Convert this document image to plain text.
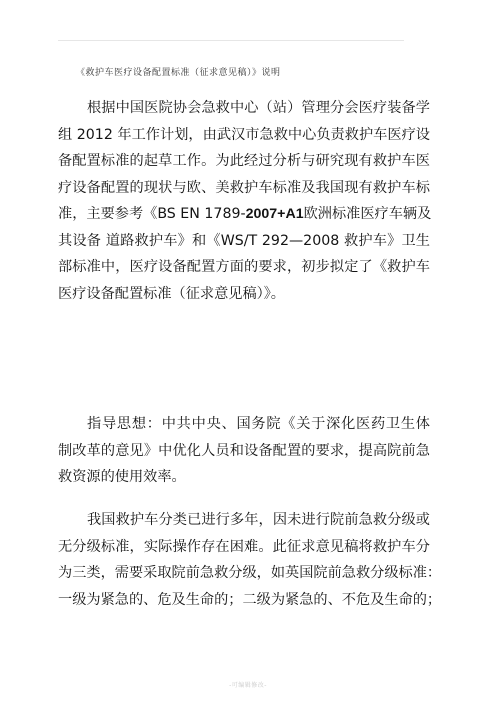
《救护车医疗设备配置标准（征求意见稿）》说明

根据中国医院协会急救中心（站）管理分会医疗装备学
组 2012 年工作计划，由武汉市急救中心负责救护车医疗设
备配置标准的起草工作。为此经过分析与研究现有救护车医
疗设备配置的现状与欧、美救护车标准及我国现有救护车标
准，主要参考《BS EN 1789-2007+A1欧洲标准医疗车辆及
其设备 道路救护车》和《WS/T 292—2008 救护车》卫生
部标准中，医疗设备配置方面的要求，初步拟定了《救护车
医疗设备配置标准（征求意见稿）》。

指导思想：中共中央、国务院《关于深化医药卫生体
制改革的意见》中优化人员和设备配置的要求，提高院前急
救资源的使用效率。

我国救护车分类已进行多年，因未进行院前急救分级或
无分级标准，实际操作存在困难。此征求意见稿将救护车分
为三类，需要采取院前急救分级，如英国院前急救分级标准：
一级为紧急的、危及生命的；二级为紧急的、不危及生命的；

-可编辑修改-
